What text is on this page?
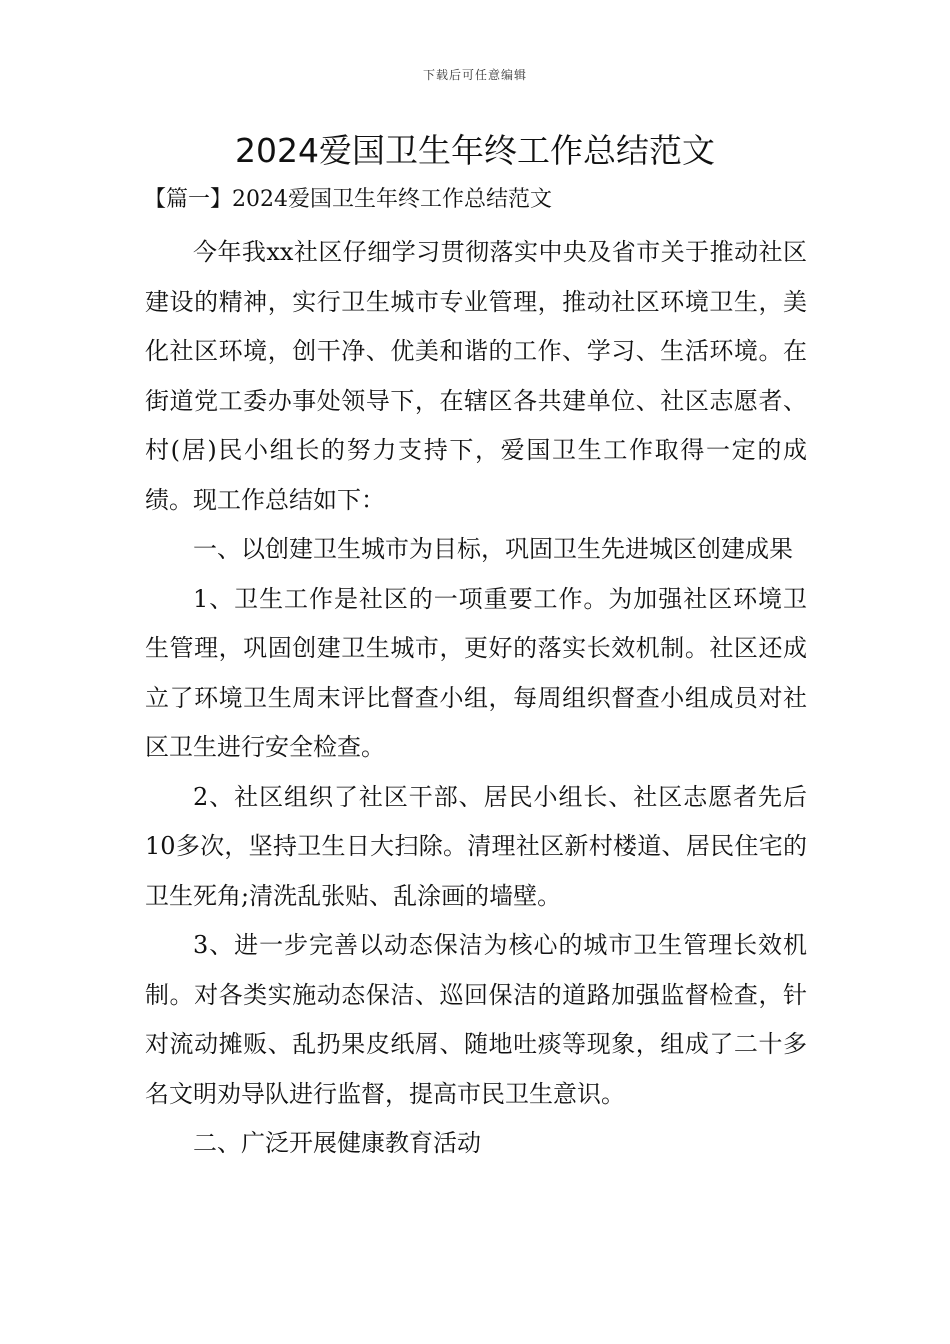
下载后可任意编辑
2024爱国卫生年终工作总结范文
【篇一】2024爱国卫生年终工作总结范文

今年我xx社区仔细学习贯彻落实中央及省市关于推动社区建设的精神，实行卫生城市专业管理，推动社区环境卫生，美化社区环境，创干净、优美和谐的工作、学习、生活环境。在街道党工委办事处领导下，在辖区各共建单位、社区志愿者、村(居)民小组长的努力支持下，爱国卫生工作取得一定的成绩。现工作总结如下：

一、以创建卫生城市为目标，巩固卫生先进城区创建成果

1、卫生工作是社区的一项重要工作。为加强社区环境卫生管理，巩固创建卫生城市，更好的落实长效机制。社区还成立了环境卫生周末评比督查小组，每周组织督查小组成员对社区卫生进行安全检查。

2、社区组织了社区干部、居民小组长、社区志愿者先后10多次，坚持卫生日大扫除。清理社区新村楼道、居民住宅的卫生死角;清洗乱张贴、乱涂画的墙壁。

3、进一步完善以动态保洁为核心的城市卫生管理长效机制。对各类实施动态保洁、巡回保洁的道路加强监督检查，针对流动摊贩、乱扔果皮纸屑、随地吐痰等现象，组成了二十多名文明劝导队进行监督，提高市民卫生意识。

二、广泛开展健康教育活动
